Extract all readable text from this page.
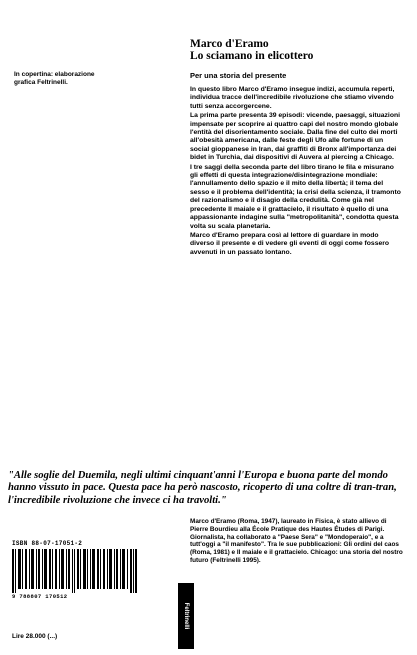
In copertina: elaborazione
grafica Feltrinelli.
Marco d'Eramo
Lo sciamano in elicottero
Per una storia del presente

In questo libro Marco d'Eramo insegue indizi, accumula reperti, individua tracce dell'incredibile rivoluzione che stiamo vivendo tutti senza accorgercene.

La prima parte presenta 39 episodi: vicende, paesaggi, situazioni impensate per scoprire ai quattro capi del nostro mondo globale l'entità del disorientamento sociale. Dalla fine del culto dei morti all'obesità americana, dalle feste degli Ufo alle fortune di un social gioppanese in Iran, dai graffiti di Bronx all'importanza dei bidet in Turchia, dai dispositivi di Auvera al piercing a Chicago.

I tre saggi della seconda parte del libro tirano le fila e misurano gli effetti di questa integrazione/disintegrazione mondiale: l'annullamento dello spazio e il mito della libertà; il tema del sesso e il problema dell'identità; la crisi della scienza, il tramonto del razionalismo e il disagio della credulità. Come già nel precedente Il maiale e il grattacielo, il risultato è quello di una appassionante indagine sulla "metropolitanità", condotta questa volta su scala planetaria.

Marco d'Eramo prepara così al lettore di guardare in modo diverso il presente e di vedere gli eventi di oggi come fossero avvenuti in un passato lontano.

"Alle soglie del Duemila, negli ultimi cinquant'anni l'Europa e buona parte del mondo hanno vissuto in pace. Questa pace ha però nascosto, ricoperto di una coltre di tran-tran, l'incredibile rivoluzione che invece ci ha travolti."
Marco d'Eramo (Roma, 1947), laureato in Fisica, è stato allievo di Pierre Bourdieu alla École Pratique des Hautes Études di Parigi. Giornalista, ha collaborato a "Paese Sera" e "Mondoperaio", e a tutt'oggi a "il manifesto". Tra le sue pubblicazioni: Gli ordini del caos (Roma, 1981) e Il maiale e il grattacielo. Chicago: una storia del nostro futuro (Feltrinelli 1995).
ISBN 88-07-17051-2
9 788807 170512
Feltrinelli
Lire 28.000 (...)
